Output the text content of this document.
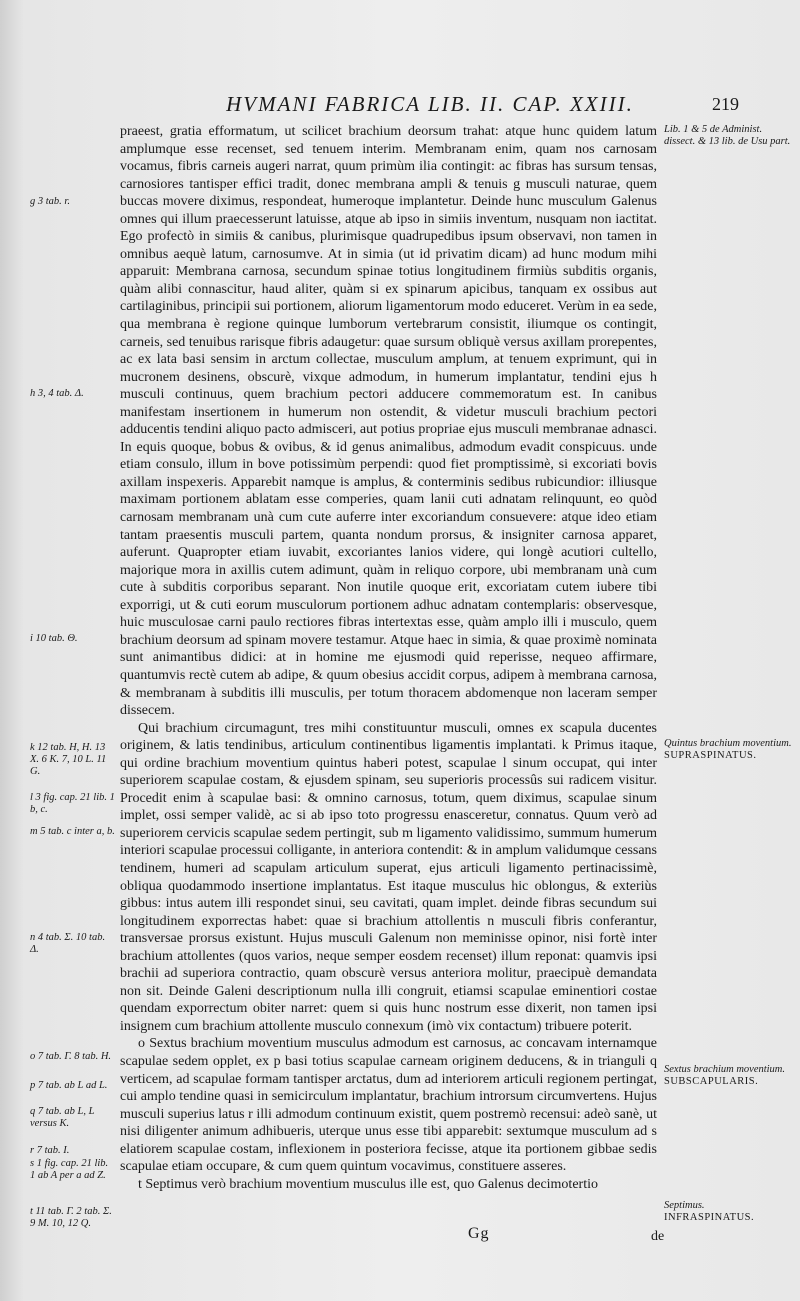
HVMANI FABRICA LIB. II. CAP. XXIII.	219

praeest, gratia efformatum, ut scilicet brachium deorsum trahat: atque hunc quidem latum amplumque esse recenset, sed tenuem interim. Membranam enim, quam nos carnosam vocamus, fibris carneis augeri narrat, quum primùm ilia contingit: ac fibras has sursum tensas, carnosiores tantisper effici tradit, donec membrana ampli & tenuis g musculi naturae, quem buccas movere diximus, respondeat, humeroque implantetur. Deinde hunc musculum Galenus omnes qui illum praecesserunt latuisse, atque ab ipso in simiis inventum, nusquam non iactitat. Ego profectò in simiis & canibus, plurimisque quadrupedibus ipsum observavi, non tamen in omnibus aequè latum, carnosumve. At in simia (ut id privatim dicam) ad hunc modum mihi apparuit: Membrana carnosa, secundum spinae totius longitudinem firmiùs subditis organis, quàm alibi connascitur, haud aliter, quàm si ex spinarum apicibus, tanquam ex ossibus aut cartilaginibus, principii sui portionem, aliorum ligamentorum modo educeret. Verùm in ea sede, qua membrana è regione quinque lumborum vertebrarum consistit, iliumque os contingit, carneis, sed tenuibus rarisque fibris adaugetur: quae sursum obliquè versus axillam prorepentes, ac ex lata basi sensim in arctum collectae, musculum amplum, at tenuem exprimunt, qui in mucronem desinens, obscurè, vixque admodum, in humerum implantatur, tendini ejus h musculi continuus, quem brachium pectori adducere commemoratum est. In canibus manifestam insertionem in humerum non ostendit, & videtur musculi brachium pectori adducentis tendini aliquo pacto admisceri, aut potius propriae ejus musculi membranae adnasci. In equis quoque, bobus & ovibus, & id genus animalibus, admodum evadit conspicuus. unde etiam consulo, illum in bove potissimùm perpendi: quod fiet promptissimè, si excoriati bovis axillam inspexeris. Apparebit namque is amplus, & conterminis sedibus rubicundior: illiusque maximam portionem ablatam esse comperies, quam lanii cuti adnatam relinquunt, eo quòd carnosam membranam unà cum cute auferre inter excoriandum consuevere: atque ideo etiam tantam praesentis musculi partem, quanta nondum prorsus, & insigniter carnosa apparet, auferunt. Quapropter etiam iuvabit, excoriantes lanios videre, qui longè acutiori cultello, majorique mora in axillis cutem adimunt, quàm in reliquo corpore, ubi membranam unà cum cute à subditis corporibus separant. Non inutile quoque erit, excoriatam cutem iubere tibi exporrigi, ut & cuti eorum musculorum portionem adhuc adnatam contemplaris: observesque, huic musculosae carni paulo rectiores fibras intertextas esse, quàm amplo illi i musculo, quem brachium deorsum ad spinam movere testamur. Atque haec in simia, & quae proximè nominata sunt animantibus didici: at in homine me ejusmodi quid reperisse, nequeo affirmare, quantumvis rectè cutem ab adipe, & quum obesius accidit corpus, adipem à membrana carnosa, & membranam à subditis illi musculis, per totum thoracem abdomenque non laceram semper dissecem.

Qui brachium circumagunt, tres mihi constituuntur musculi, omnes ex scapula ducentes originem, & latis tendinibus, articulum continentibus ligamentis implantati. k Primus itaque, qui ordine brachium moventium quintus haberi potest, scapulae l sinum occupat, qui inter superiorem scapulae costam, & ejusdem spinam, seu superioris processûs sui radicem visitur. Procedit enim à scapulae basi: & omnino carnosus, totum, quem diximus, scapulae sinum implet, ossi semper validè, ac si ab ipso toto progressu enasceretur, connatus. Quum verò ad superiorem cervicis scapulae sedem pertingit, sub m ligamento validissimo, summum humerum interiori scapulae processui colligante, in anteriora contendit: & in amplum validumque cessans tendinem, humeri ad scapulam articulum superat, ejus articuli ligamento pertinacissimè, obliqua quodammodo insertione implantatus. Est itaque musculus hic oblongus, & exteriùs gibbus: intus autem illi respondet sinui, seu cavitati, quam implet. deinde fibras secundum sui longitudinem exporrectas habet: quae si brachium attollentis n musculi fibris conferantur, transversae prorsus existunt. Hujus musculi Galenum non meminisse opinor, nisi fortè inter brachium attollentes (quos varios, neque semper eosdem recenset) illum reponat: quamvis ipsi brachii ad superiora contractio, quam obscurè versus anteriora molitur, praecipuè demandata non sit. Deinde Galeni descriptionum nulla illi congruit, etiamsi scapulae eminentiori costae quendam exporrectum obiter narret: quem si quis hunc nostrum esse dixerit, non tamen ipsi insignem cum brachium attollente musculo connexum (imò vix contactum) tribuere poterit.

o Sextus brachium moventium musculus admodum est carnosus, ac concavam internamque scapulae sedem opplet, ex p basi totius scapulae carneam originem deducens, & in trianguli q verticem, ad scapulae formam tantisper arctatus, dum ad interiorem articuli regionem pertingat, cui amplo tendine quasi in semicirculum implantatur, brachium introrsum circumvertens. Hujus musculi superius latus r illi admodum continuum existit, quem postremò recensui: adeò sanè, ut nisi diligenter animum adhibueris, uterque unus esse tibi apparebit: sextumque musculum ad s elatiorem scapulae costam, inflexionem in posteriora fecisse, atque ita portionem gibbae sedis scapulae etiam occupare, & cum quem quintum vocavimus, constituere asseres.

t Septimus verò brachium moventium musculus ille est, quo Galenus decimotertio

Lib. 1 & 5 de Administ. dissect. & 13 lib. de Usu part.
Quintus brachium moventium.
SUPRASPINATUS.
Sextus brachium moventium.
SUBSCAPULARIS.
Septimus.
INFRASPINATUS.
g 3 tab. r.
h 3, 4 tab. Δ.
i 10 tab. Θ.
k 12 tab. H, H. 13 X. 6 K. 7, 10 L. 11 G.
l 3 fig. cap. 21 lib. 1 b, c.
m 5 tab. c inter a, b.
n 4 tab. Σ. 10 tab. Δ.
o 7 tab. Γ. 8 tab. H.
p 7 tab. ab L ad L.
q 7 tab. ab L, L versus K.
r 7 tab. I.
s 1 fig. cap. 21 lib. 1 ab A per a ad Z.
t 11 tab. Γ. 2 tab. Σ. 9 M. 10, 12 Q.
Gg	de
